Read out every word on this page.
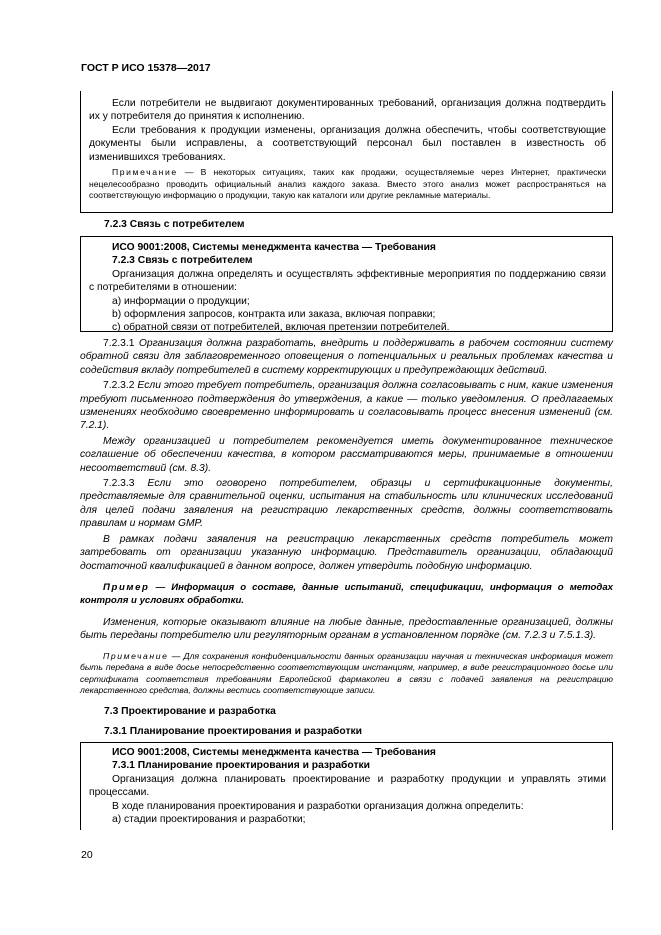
ГОСТ Р ИСО 15378—2017

Если потребители не выдвигают документированных требований, организация должна подтвердить их у потребителя до принятия к исполнению.

Если требования к продукции изменены, организация должна обеспечить, чтобы соответствующие документы были исправлены, а соответствующий персонал был поставлен в известность об изменившихся требованиях.

Примечание — В некоторых ситуациях, таких как продажи, осуществляемые через Интернет, практически нецелесообразно проводить официальный анализ каждого заказа. Вместо этого анализ может распространяться на соответствующую информацию о продукции, такую как каталоги или другие рекламные материалы.

7.2.3 Связь с потребителем

ИСО 9001:2008, Системы менеджмента качества — Требования

7.2.3 Связь с потребителем

Организация должна определять и осуществлять эффективные мероприятия по поддержанию связи с потребителями в отношении:

a) информации о продукции;

b) оформления запросов, контракта или заказа, включая поправки;

c) обратной связи от потребителей, включая претензии потребителей.

7.2.3.1 Организация должна разработать, внедрить и поддерживать в рабочем состоянии систему обратной связи для заблаговременного оповещения о потенциальных и реальных проблемах качества и содействия вкладу потребителей в систему корректирующих и предупреждающих действий.

7.2.3.2 Если этого требует потребитель, организация должна согласовывать с ним, какие изменения требуют письменного подтверждения до утверждения, а какие — только уведомления. О предлагаемых изменениях необходимо своевременно информировать и согласовывать процесс внесения изменений (см. 7.2.1).

Между организацией и потребителем рекомендуется иметь документированное техническое соглашение об обеспечении качества, в котором рассматриваются меры, принимаемые в отношении несоответствий (см. 8.3).

7.2.3.3 Если это оговорено потребителем, образцы и сертификационные документы, представляемые для сравнительной оценки, испытания на стабильность или клинических исследований для целей подачи заявления на регистрацию лекарственных средств, должны соответствовать правилам и нормам GMP.

В рамках подачи заявления на регистрацию лекарственных средств потребитель может затребовать от организации указанную информацию. Представитель организации, обладающий достаточной квалификацией в данном вопросе, должен утвердить подобную информацию.

Пример — Информация о составе, данные испытаний, спецификации, информация о методах контроля и условиях обработки.

Изменения, которые оказывают влияние на любые данные, предоставленные организацией, должны быть переданы потребителю или регуляторным органам в установленном порядке (см. 7.2.3 и 7.5.1.3).

Примечание — Для сохранения конфиденциальности данных организации научная и техническая информация может быть передана в виде досье непосредственно соответствующим инстанциям, например, в виде регистрационного досье или сертификата соответствия требованиям Европейской фармакопеи в связи с подачей заявления на регистрацию лекарственного средства, должны вестись соответствующие записи.

7.3 Проектирование и разработка

7.3.1 Планирование проектирования и разработки

ИСО 9001:2008, Системы менеджмента качества — Требования

7.3.1 Планирование проектирования и разработки

Организация должна планировать проектирование и разработку продукции и управлять этими процессами.

В ходе планирования проектирования и разработки организация должна определить:

а) стадии проектирования и разработки;

20
